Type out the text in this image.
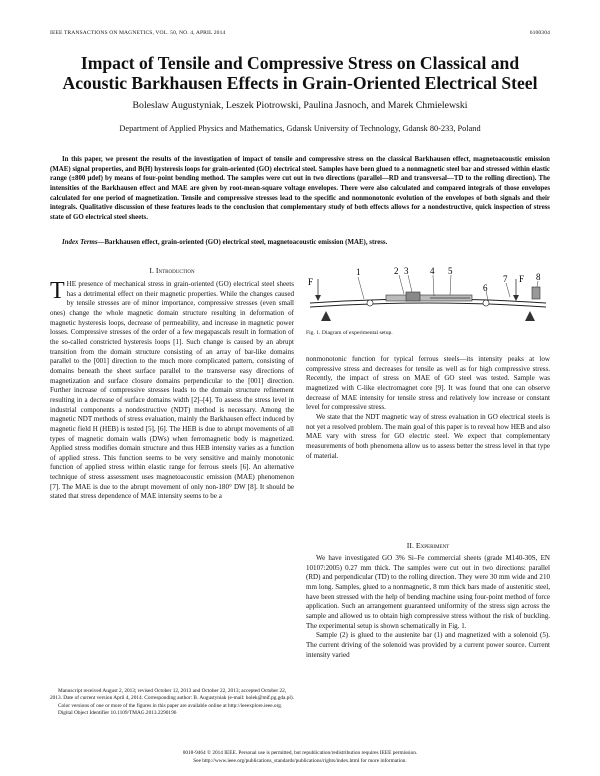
IEEE TRANSACTIONS ON MAGNETICS, VOL. 50, NO. 4, APRIL 2014	6100304
Impact of Tensile and Compressive Stress on Classical and
Acoustic Barkhausen Effects in Grain-Oriented Electrical Steel
Boleslaw Augustyniak, Leszek Piotrowski, Paulina Jasnoch, and Marek Chmielewski
Department of Applied Physics and Mathematics, Gdansk University of Technology, Gdansk 80-233, Poland

In this paper, we present the results of the investigation of impact of tensile and compressive stress on the classical Barkhausen effect, magnetoacoustic emission (MAE) signal properties, and B(H) hysteresis loops for grain-oriented (GO) electrical steel. Samples have been glued to a nonmagnetic steel bar and stressed within elastic range (±800 μdef) by means of four-point bending method. The samples were cut out in two directions (parallel—RD and transversal—TD to the rolling direction). The intensities of the Barkhausen effect and MAE are given by root-mean-square voltage envelopes. There were also calculated and compared integrals of those envelopes calculated for one period of magnetization. Tensile and compressive stresses lead to the specific and nonmonotonic evolution of the envelopes of both signals and their integrals. Qualitative discussion of these features leads to the conclusion that complementary study of both effects allows for a nondestructive, quick inspection of stress state of GO electrical steel sheets.

Index Terms—Barkhausen effect, grain-oriented (GO) electrical steel, magnetoacoustic emission (MAE), stress.

I. Introduction

THE presence of mechanical stress in grain-oriented (GO) electrical steel sheets has a detrimental effect on their magnetic properties. While the changes caused by tensile stresses are of minor importance, compressive stresses (even small ones) change the whole magnetic domain structure resulting in deformation of magnetic hysteresis loops, decrease of permeability, and increase in magnetic power losses. Compressive stresses of the order of a few megapascals result in formation of the so-called constricted hysteresis loops [1]. Such change is caused by an abrupt transition from the domain structure consisting of an array of bar-like domains parallel to the [001] direction to the much more complicated pattern, consisting of domains beneath the sheet surface parallel to the transverse easy directions of magnetization and surface closure domains perpendicular to the [001] direction. Further increase of compressive stresses leads to the domain structure refinement resulting in a decrease of surface domains width [2]–[4]. To assess the stress level in industrial components a nondestructive (NDT) method is necessary. Among the magnetic NDT methods of stress evaluation, mainly the Barkhausen effect induced by magnetic field H (HEB) is tested [5], [6]. The HEB is due to abrupt movements of all types of magnetic domain walls (DWs) when ferromagnetic body is magnetized. Applied stress modifies domain structure and thus HEB intensity varies as a function of applied stress. This function seems to be very sensitive and mainly monotonic function of applied stress within elastic range for ferrous steels [6]. An alternative technique of stress assessment uses magnetoacoustic emission (MAE) phenomenon [7]. The MAE is due to the abrupt movement of only non-180° DW [8]. It should be stated that stress dependence of MAE intensity seems to be a

Manuscript received August 2, 2013; revised October 12, 2013 and October 22, 2013; accepted October 22, 2013. Date of current version April 4, 2014. Corresponding author: B. Augustyniak (e-mail: bolek@mif.pg.gda.pl).
Color versions of one or more of the figures in this paper are available online at http://ieeexplore.ieee.org.
Digital Object Identifier 10.1109/TMAG.2013.2290196
F
1	2 3 4 5
6
7 F 8
Fig. 1. Diagram of experimental setup.

nonmonotonic function for typical ferrous steels—its intensity peaks at low compressive stress and decreases for tensile as well as for high compressive stress. Recently, the impact of stress on MAE of GO steel was tested. Sample was magnetized with C-like electromagnet core [9]. It was found that one can observe decrease of MAE intensity for tensile stress and relatively low increase or constant level for compressive stress.

We state that the NDT magnetic way of stress evaluation in GO electrical steels is not yet a resolved problem. The main goal of this paper is to reveal how HEB and also MAE vary with stress for GO electric steel. We expect that complementary measurements of both phenomena allow us to assess better the stress level in that type of material.

II. Experiment

We have investigated GO 3% Si–Fe commercial sheets (grade M140-30S, EN 10107:2005) 0.27 mm thick. The samples were cut out in two directions: parallel (RD) and perpendicular (TD) to the rolling direction. They were 30 mm wide and 210 mm long. Samples, glued to a nonmagnetic, 8 mm thick bars made of austenitic steel, have been stressed with the help of bending machine using four-point method of force application. Such an arrangement guaranteed uniformity of the stress sign across the sample and allowed us to obtain high compressive stress without the risk of buckling. The experimental setup is shown schematically in Fig. 1.

Sample (2) is glued to the austenite bar (1) and magnetized with a solenoid (5). The current driving of the solenoid was provided by a current power source. Current intensity varied

0018-9464 © 2014 IEEE. Personal use is permitted, but republication/redistribution requires IEEE permission.
See http://www.ieee.org/publications_standards/publications/rights/index.html for more information.
